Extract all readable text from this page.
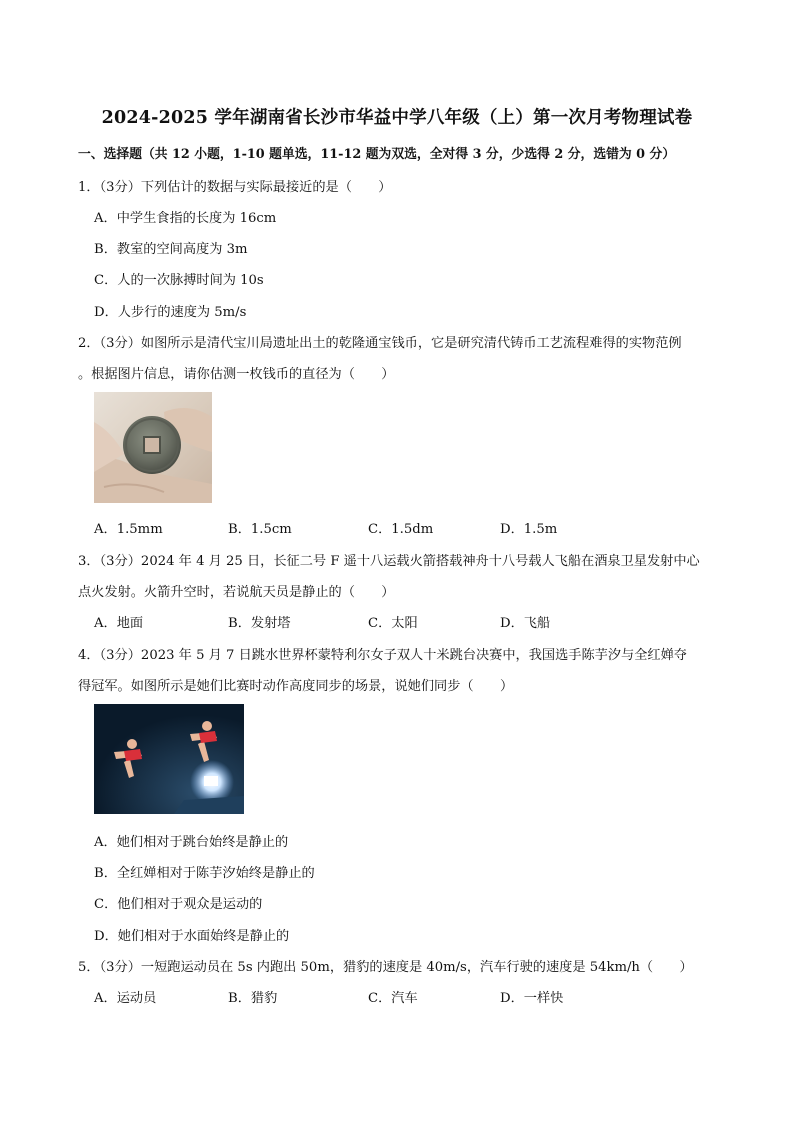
2024-2025 学年湖南省长沙市华益中学八年级（上）第一次月考物理试卷
一、选择题（共 12 小题，1-10 题单选，11-12 题为双选，全对得 3 分，少选得 2 分，选错为 0 分）
1．（3分）下列估计的数据与实际最接近的是（　　）
A．中学生食指的长度为 16cm
B．教室的空间高度为 3m
C．人的一次脉搏时间为 10s
D．人步行的速度为 5m/s
2．（3分）如图所示是清代宝川局遗址出土的乾隆通宝钱币，它是研究清代铸币工艺流程难得的实物范例
。根据图片信息，请你估测一枚钱币的直径为（　　）
A．1.5mm	B．1.5cm	C．1.5dm	D．1.5m
3．（3分）2024 年 4 月 25 日，长征二号 F 遥十八运载火箭搭载神舟十八号载人飞船在酒泉卫星发射中心
点火发射。火箭升空时，若说航天员是静止的（　　）
A．地面	B．发射塔	C．太阳	D．飞船
4．（3分）2023 年 5 月 7 日跳水世界杯蒙特利尔女子双人十米跳台决赛中，我国选手陈芋汐与全红婵夺
得冠军。如图所示是她们比赛时动作高度同步的场景，说她们同步（　　）
A．她们相对于跳台始终是静止的
B．全红婵相对于陈芋汐始终是静止的
C．他们相对于观众是运动的
D．她们相对于水面始终是静止的
5．（3分）一短跑运动员在 5s 内跑出 50m，猎豹的速度是 40m/s，汽车行驶的速度是 54km/h（　　）
A．运动员	B．猎豹	C．汽车	D．一样快
